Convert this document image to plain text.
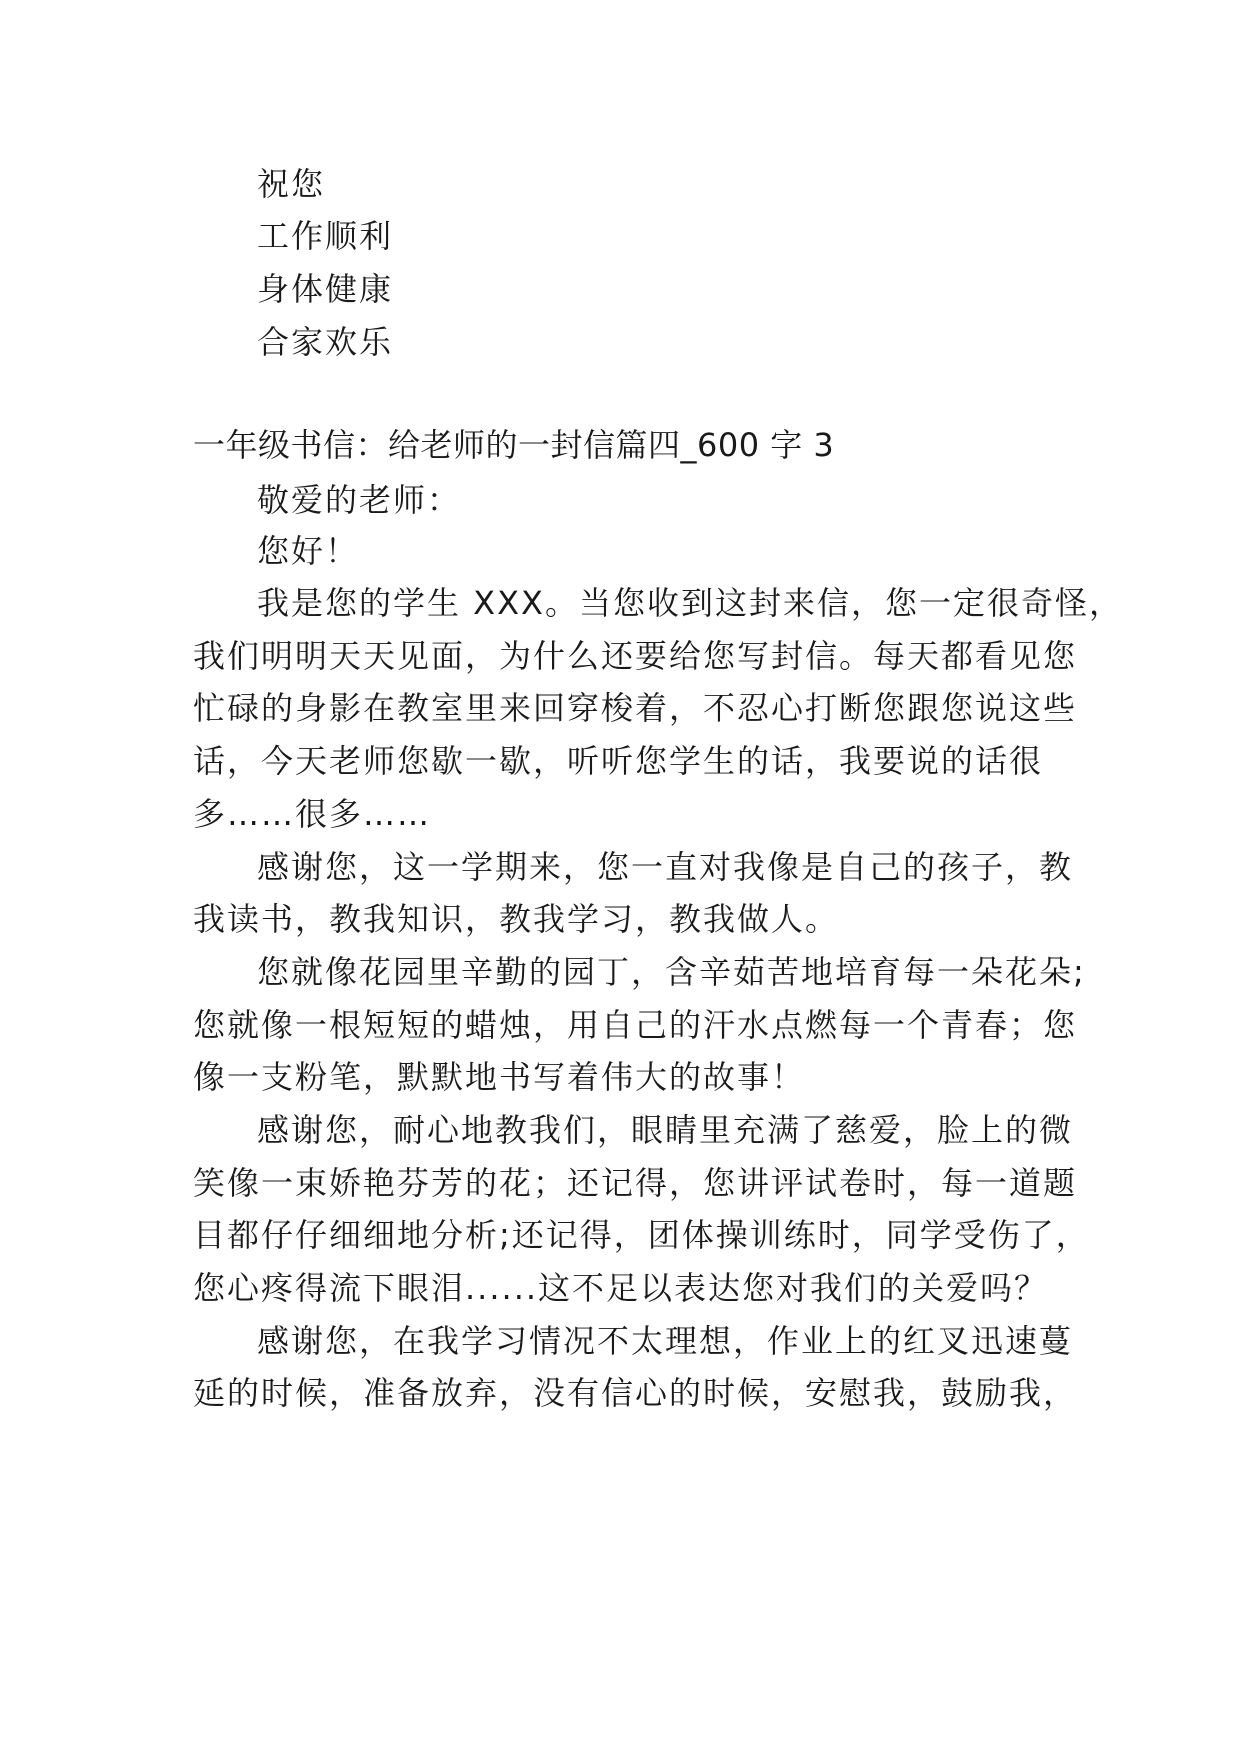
祝您
工作顺利
身体健康
合家欢乐
一年级书信：给老师的一封信篇四_600 字 3
敬爱的老师：
您好！
我是您的学生 XXX。当您收到这封来信，您一定很奇怪，
我们明明天天见面，为什么还要给您写封信。每天都看见您
忙碌的身影在教室里来回穿梭着，不忍心打断您跟您说这些
话，今天老师您歇一歇，听听您学生的话，我要说的话很
多……很多……
感谢您，这一学期来，您一直对我像是自己的孩子，教
我读书，教我知识，教我学习，教我做人。
您就像花园里辛勤的园丁，含辛茹苦地培育每一朵花朵;
您就像一根短短的蜡烛，用自己的汗水点燃每一个青春；您
像一支粉笔，默默地书写着伟大的故事！
感谢您，耐心地教我们，眼睛里充满了慈爱，脸上的微
笑像一束娇艳芬芳的花；还记得，您讲评试卷时，每一道题
目都仔仔细细地分析;还记得，团体操训练时，同学受伤了，
您心疼得流下眼泪......这不足以表达您对我们的关爱吗？
感谢您，在我学习情况不太理想，作业上的红叉迅速蔓
延的时候，准备放弃，没有信心的时候，安慰我，鼓励我，
